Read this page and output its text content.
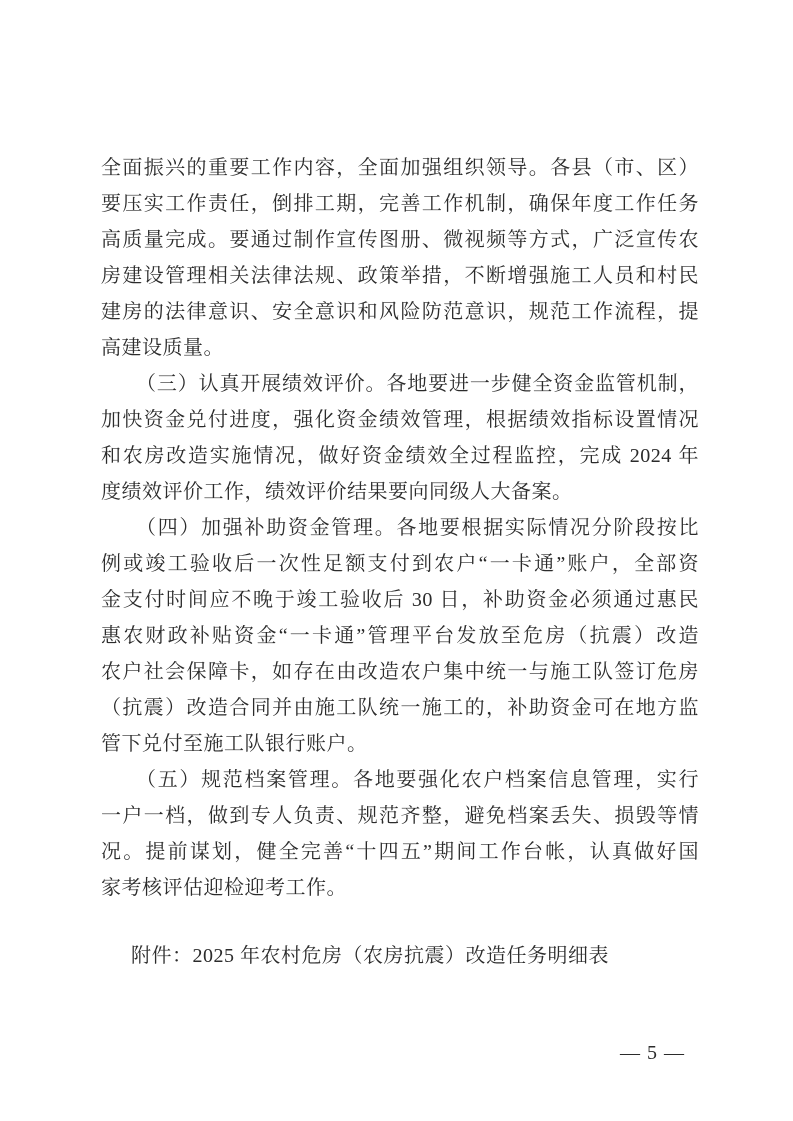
全面振兴的重要工作内容，全面加强组织领导。各县（市、区）
要压实工作责任，倒排工期，完善工作机制，确保年度工作任务
高质量完成。要通过制作宣传图册、微视频等方式，广泛宣传农
房建设管理相关法律法规、政策举措，不断增强施工人员和村民
建房的法律意识、安全意识和风险防范意识，规范工作流程，提
高建设质量。
（三）认真开展绩效评价。各地要进一步健全资金监管机制，
加快资金兑付进度，强化资金绩效管理，根据绩效指标设置情况
和农房改造实施情况，做好资金绩效全过程监控，完成 2024 年
度绩效评价工作，绩效评价结果要向同级人大备案。
（四）加强补助资金管理。各地要根据实际情况分阶段按比
例或竣工验收后一次性足额支付到农户“一卡通”账户，全部资
金支付时间应不晚于竣工验收后 30 日，补助资金必须通过惠民
惠农财政补贴资金“一卡通”管理平台发放至危房（抗震）改造
农户社会保障卡，如存在由改造农户集中统一与施工队签订危房
（抗震）改造合同并由施工队统一施工的，补助资金可在地方监
管下兑付至施工队银行账户。
（五）规范档案管理。各地要强化农户档案信息管理，实行
一户一档，做到专人负责、规范齐整，避免档案丢失、损毁等情
况。提前谋划，健全完善“十四五”期间工作台帐，认真做好国
家考核评估迎检迎考工作。
附件：2025 年农村危房（农房抗震）改造任务明细表
— 5 —
